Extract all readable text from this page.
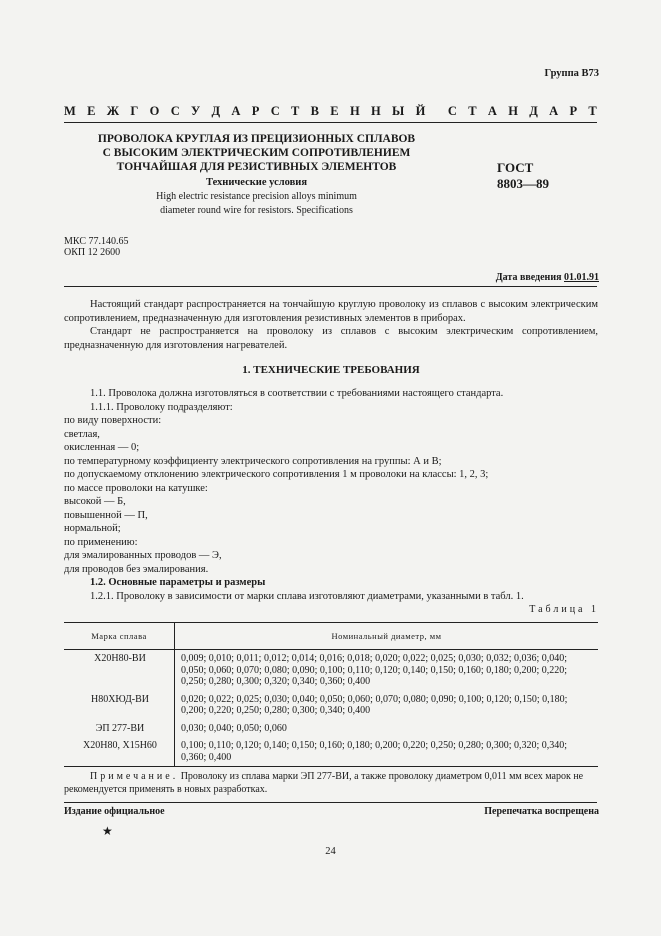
Группа В73
М Е Ж Г О С У Д А Р С Т В Е Н Н Ы Й С Т А Н Д А Р Т
ПРОВОЛОКА КРУГЛАЯ ИЗ ПРЕЦИЗИОННЫХ СПЛАВОВ
С ВЫСОКИМ ЭЛЕКТРИЧЕСКИМ СОПРОТИВЛЕНИЕМ
ТОНЧАЙШАЯ ДЛЯ РЕЗИСТИВНЫХ ЭЛЕМЕНТОВ
Технические условия
High electric resistance precision alloys minimum
diameter round wire for resistors. Specifications
ГОСТ
8803—89
МКС 77.140.65
ОКП 12 2600
Дата введения 01.01.91

Настоящий стандарт распространяется на тончайшую круглую проволоку из сплавов с высоким электрическим сопротивлением, предназначенную для изготовления резистивных элементов в приборах.

Стандарт не распространяется на проволоку из сплавов с высоким электрическим сопротивлением, предназначенную для изготовления нагревателей.

1. ТЕХНИЧЕСКИЕ ТРЕБОВАНИЯ

1.1. Проволока должна изготовляться в соответствии с требованиями настоящего стандарта.

1.1.1. Проволоку подразделяют:

по виду поверхности:

светлая,

окисленная — 0;

по температурному коэффициенту электрического сопротивления на группы: А и В;

по допускаемому отклонению электрического сопротивления 1 м проволоки на классы: 1, 2, 3;

по массе проволоки на катушке:

высокой — Б,

повышенной — П,

нормальной;

по применению:

для эмалированных проводов — Э,

для проводов без эмалирования.

1.2. Основные параметры и размеры

1.2.1. Проволоку в зависимости от марки сплава изготовляют диаметрами, указанными в табл. 1.

Таблица 1
Марка сплава	Номинальный диаметр, мм
Х20Н80-ВИ	0,009; 0,010; 0,011; 0,012; 0,014; 0,016; 0,018; 0,020; 0,022; 0,025; 0,030; 0,032; 0,036; 0,040; 0,050; 0,060; 0,070; 0,080; 0,090; 0,100; 0,110; 0,120; 0,140; 0,150; 0,160; 0,180; 0,200; 0,220; 0,250; 0,280; 0,300; 0,320; 0,340; 0,360; 0,400
Н80ХЮД-ВИ	0,020; 0,022; 0,025; 0,030; 0,040; 0,050; 0,060; 0,070; 0,080; 0,090; 0,100; 0,120; 0,150; 0,180; 0,200; 0,220; 0,250; 0,280; 0,300; 0,340; 0,400
ЭП 277-ВИ	0,030; 0,040; 0,050; 0,060
Х20Н80, Х15Н60	0,100; 0,110; 0,120; 0,140; 0,150; 0,160; 0,180; 0,200; 0,220; 0,250; 0,280; 0,300; 0,320; 0,340; 0,360; 0,400
Примечание. Проволоку из сплава марки ЭП 277-ВИ, а также проволоку диаметром 0,011 мм всех марок не рекомендуется применять в новых разработках.
Издание официальное	Перепечатка воспрещена
★
24
